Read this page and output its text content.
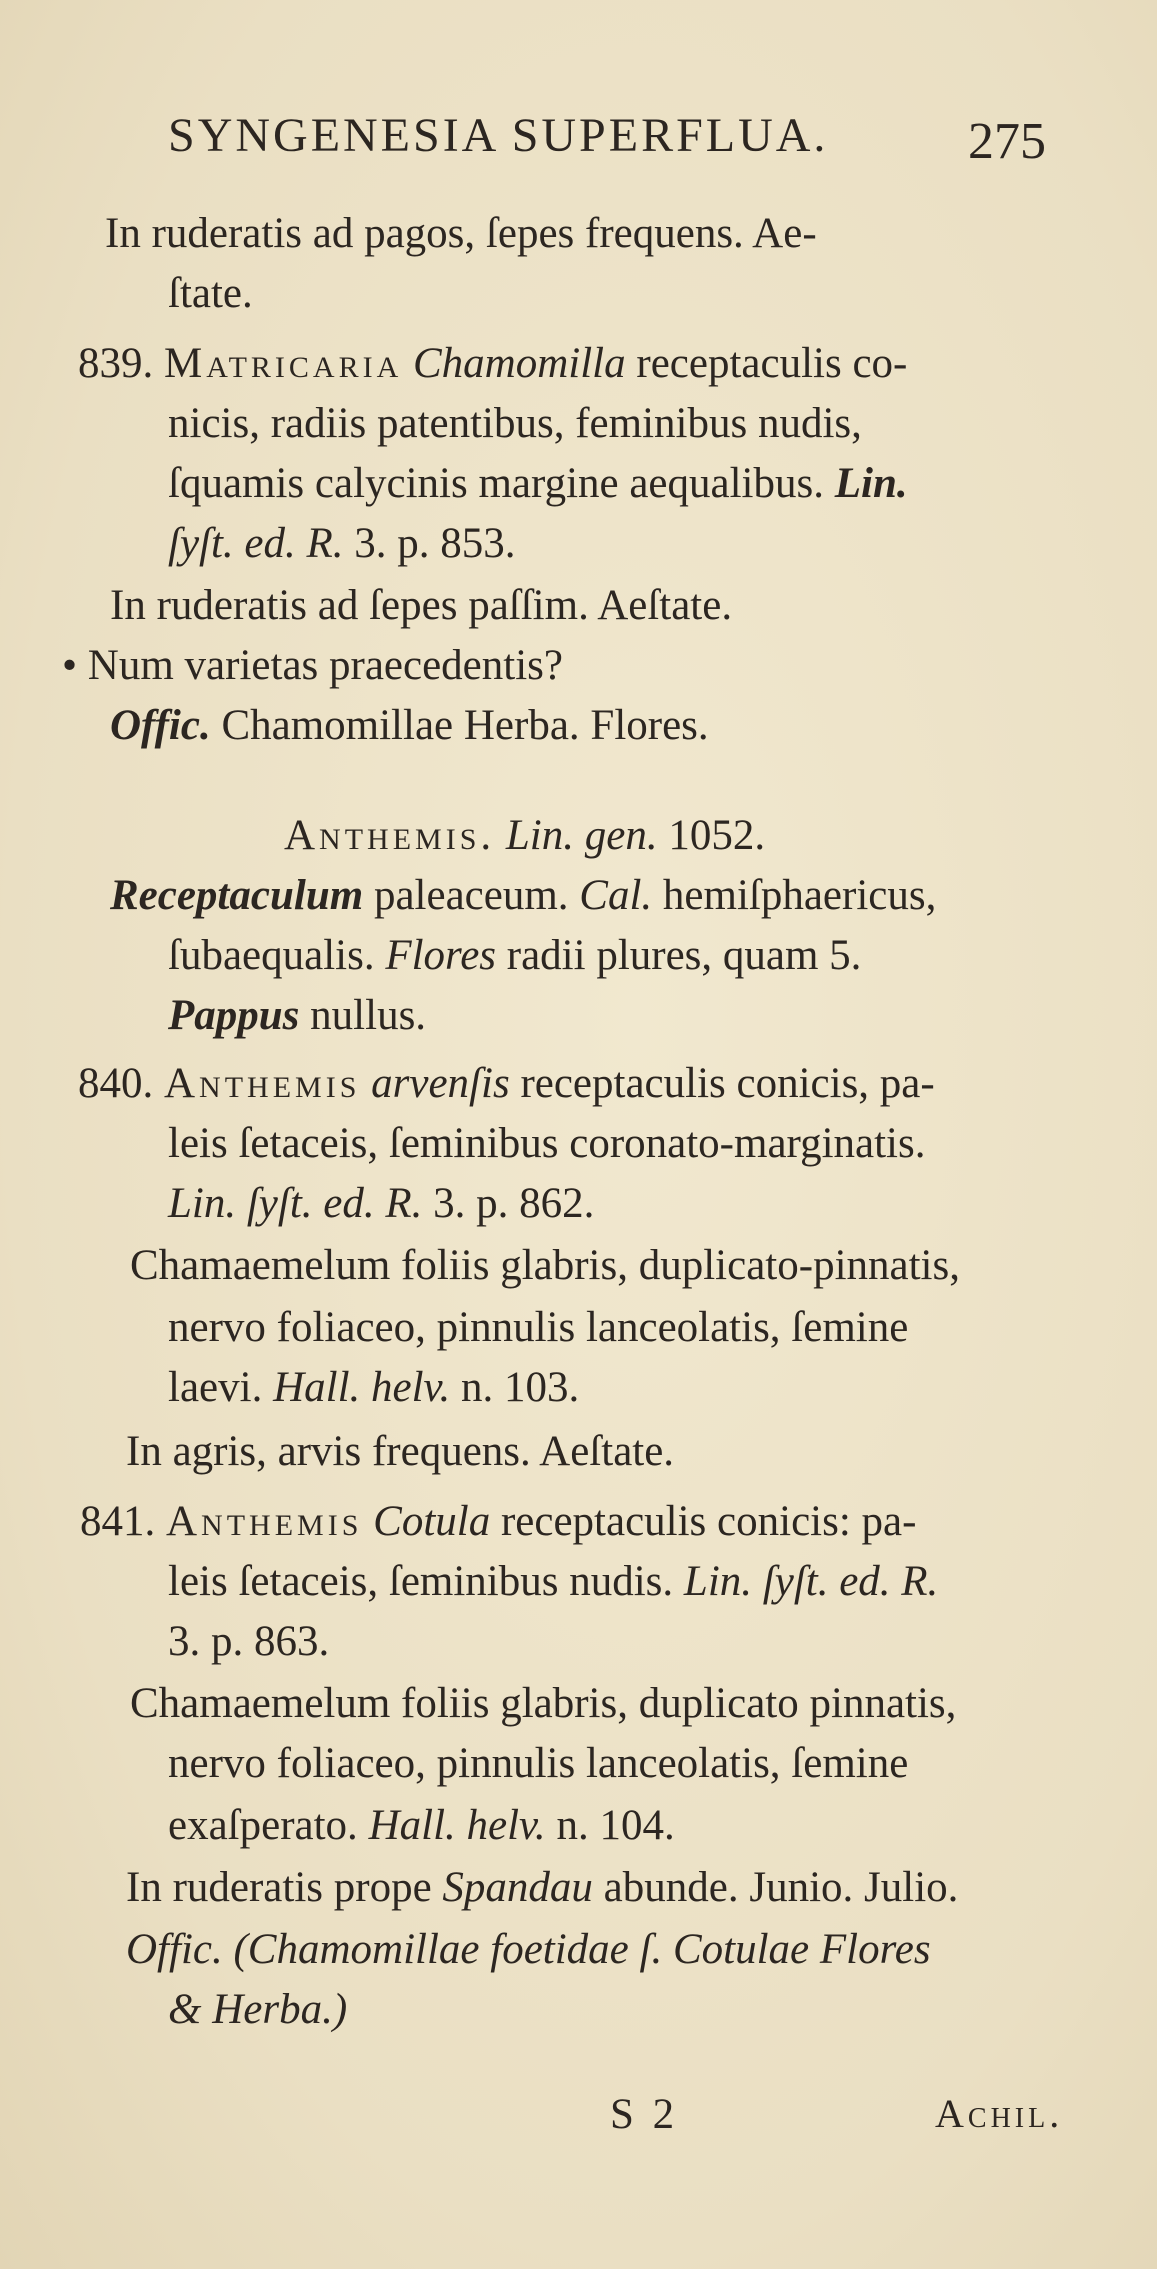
SYNGENESIA SUPERFLUA.	275
In ruderatis ad pagos, ſepes frequens. Ae-
ſtate.
839. Matricaria Chamomilla receptaculis co-
nicis, radiis patentibus, feminibus nudis,
ſquamis calycinis margine aequalibus. Lin.
ſyſt. ed. R. 3. p. 853.
In ruderatis ad ſepes paſſim. Aeſtate.
• Num varietas praecedentis?
Offic. Chamomillae Herba. Flores.
Anthemis. Lin. gen. 1052.
Receptaculum paleaceum. Cal. hemiſphaericus,
ſubaequalis. Flores radii plures, quam 5.
Pappus nullus.
840. Anthemis arvenſis receptaculis conicis, pa-
leis ſetaceis, ſeminibus coronato-marginatis.
Lin. ſyſt. ed. R. 3. p. 862.
Chamaemelum foliis glabris, duplicato-pinnatis,
nervo foliaceo, pinnulis lanceolatis, ſemine
laevi. Hall. helv. n. 103.
In agris, arvis frequens. Aeſtate.
841. Anthemis Cotula receptaculis conicis: pa-
leis ſetaceis, ſeminibus nudis. Lin. ſyſt. ed. R.
3. p. 863.
Chamaemelum foliis glabris, duplicato pinnatis,
nervo foliaceo, pinnulis lanceolatis, ſemine
exaſperato. Hall. helv. n. 104.
In ruderatis prope Spandau abunde. Junio. Julio.
Offic. (Chamomillae foetidae ſ. Cotulae Flores
& Herba.)
S 2	Achil.
